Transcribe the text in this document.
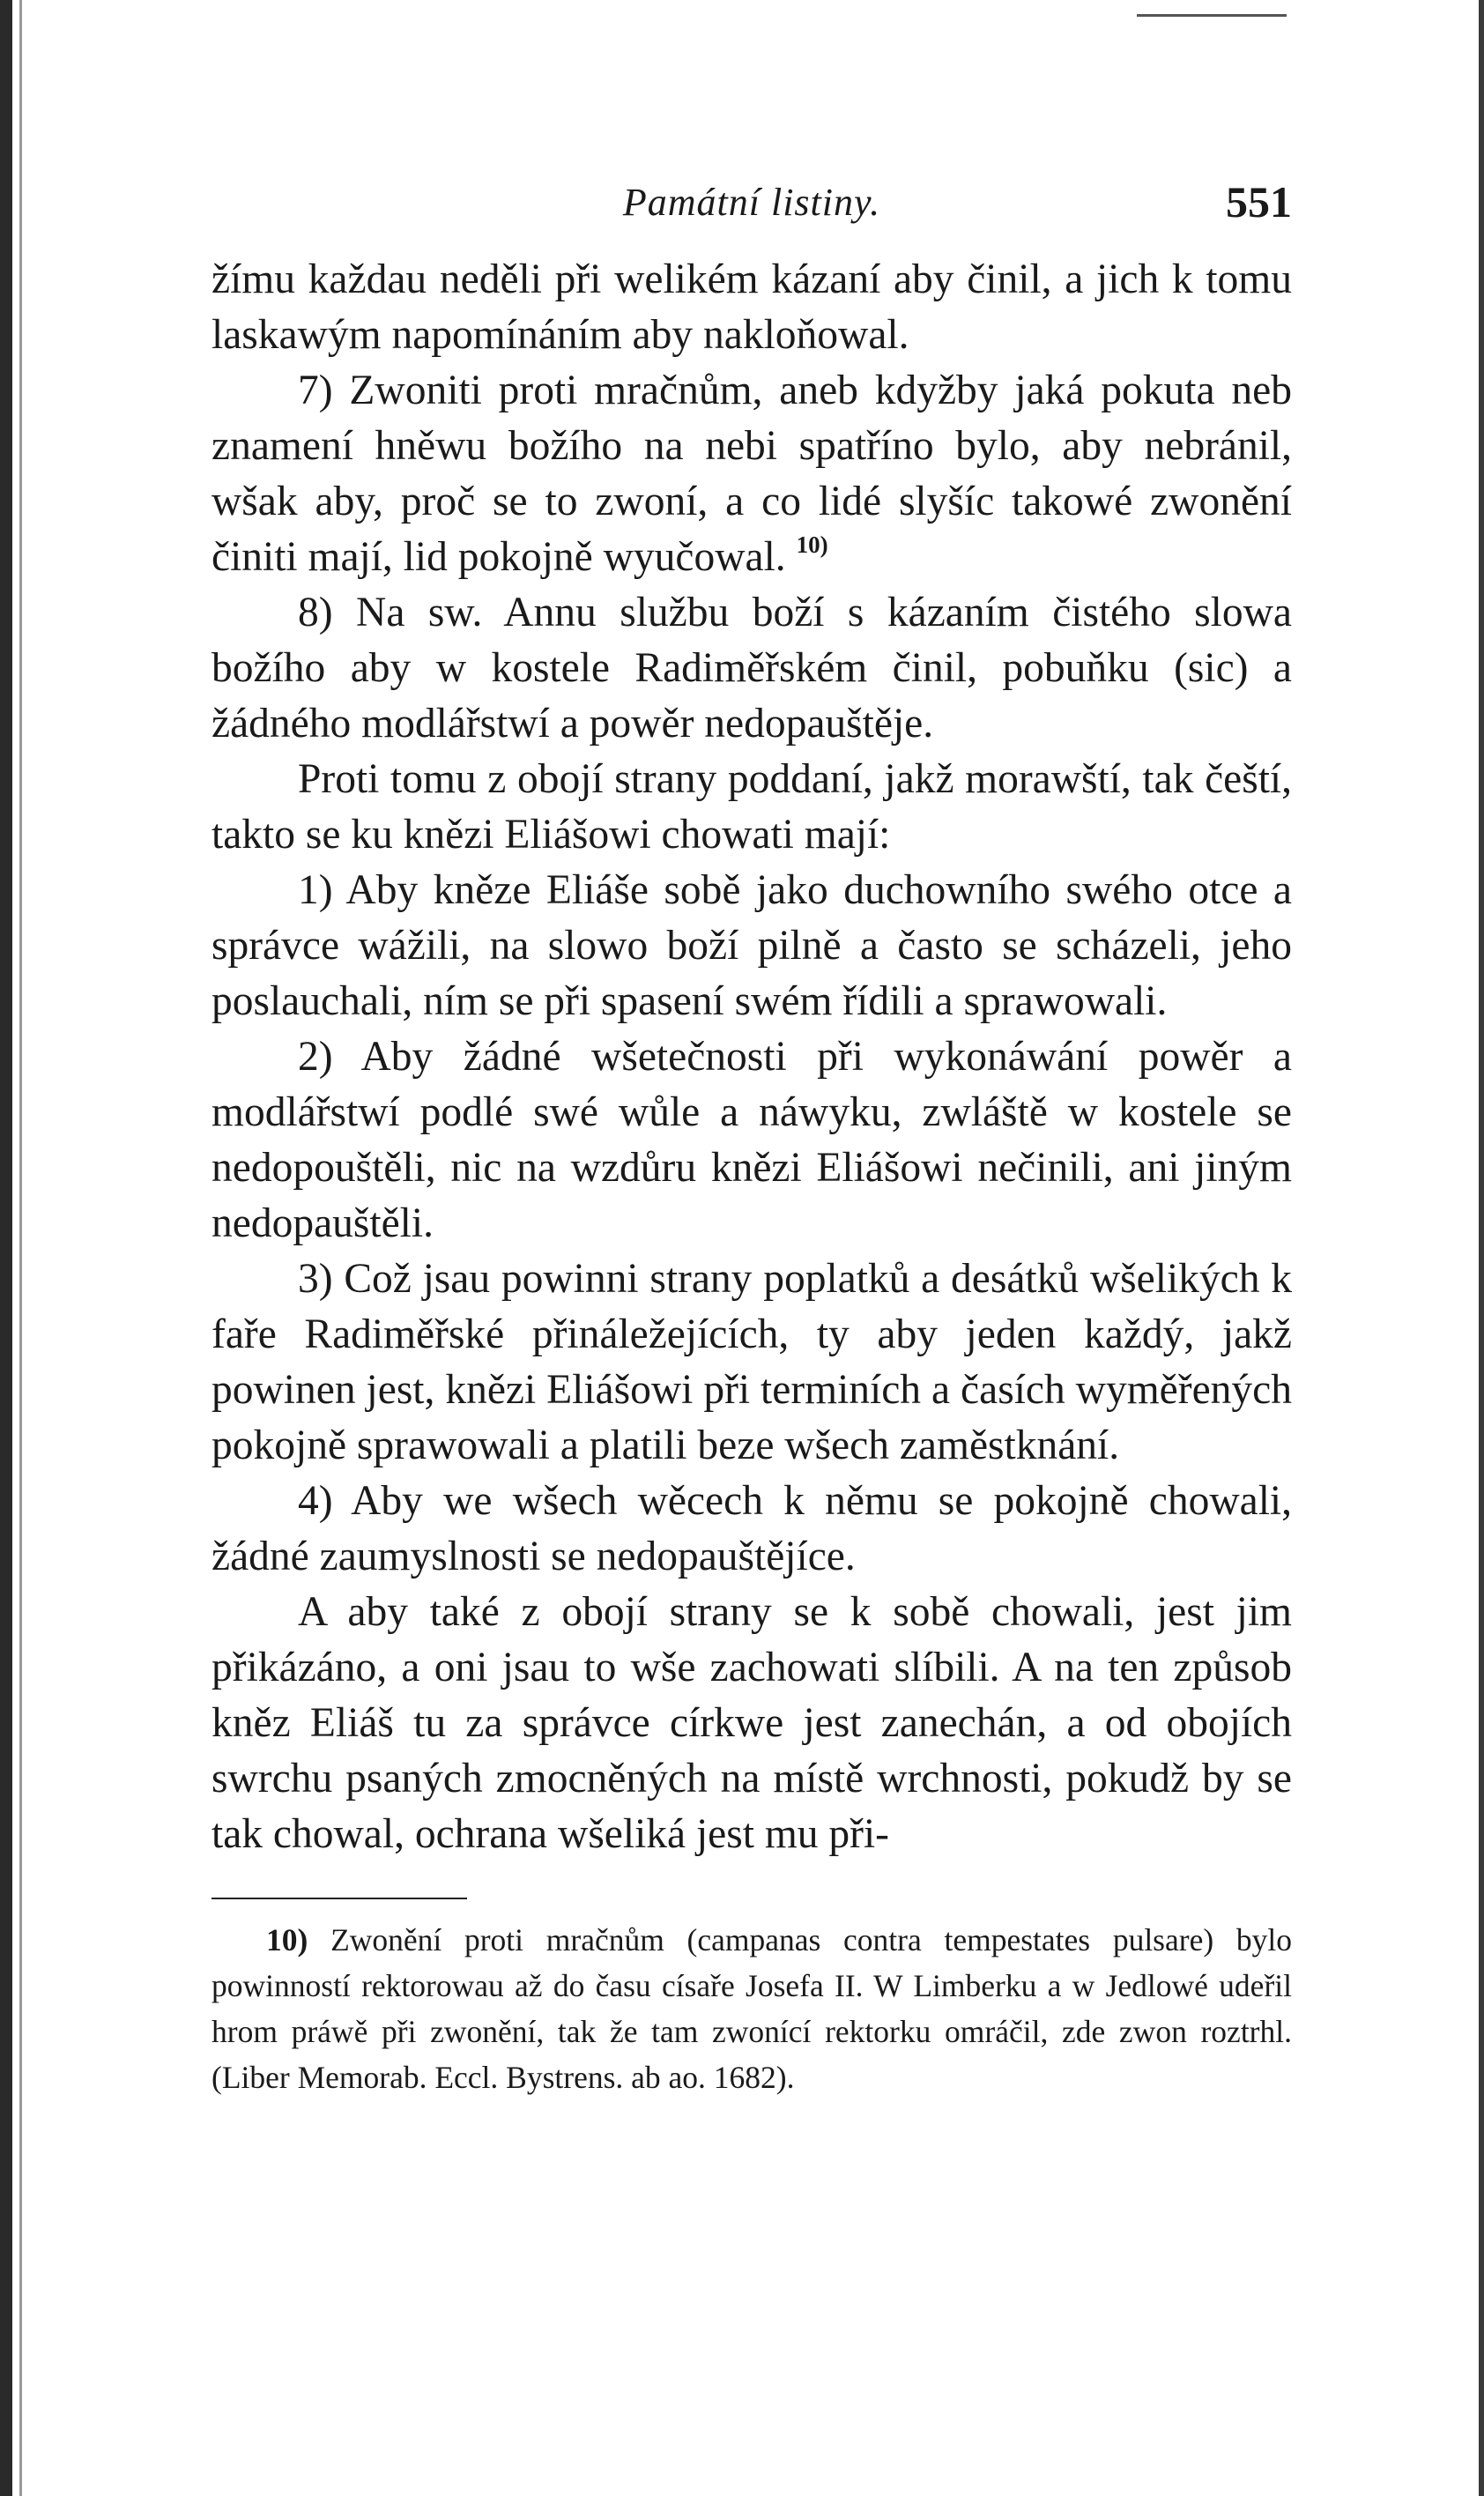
Památní listiny.	551

žímu každau neděli při welikém kázaní aby činil, a jich k tomu laskawým napomínáním aby nakloňowal.

7) Zwoniti proti mračnům, aneb kdyžby jaká pokuta neb znamení hněwu božího na nebi spatříno bylo, aby nebránil, wšak aby, proč se to zwoní, a co lidé slyšíc takowé zwonění činiti mají, lid pokojně wyučowal. $^{10)}$

8) Na sw. Annu službu boží s kázaním čistého slowa božího aby w kostele Radiměřském činil, pobuňku (sic) a žádného modlářstwí a powěr nedopauštěje.

Proti tomu z obojí strany poddaní, jakž morawští, tak čeští, takto se ku knězi Eliášowi chowati mají:

1) Aby kněze Eliáše sobě jako duchowního swého otce a správce wážili, na slowo boží pilně a často se scházeli, jeho poslauchali, ním se při spasení swém řídili a sprawowali.

2) Aby žádné wšetečnosti při wykonáwání powěr a modlářstwí podlé swé wůle a náwyku, zwláště w kostele se nedopouštěli, nic na wzdůru knězi Eliášowi nečinili, ani jiným nedopauštěli.

3) Což jsau powinni strany poplatků a desátků wšelikých k faře Radiměřské přináležejících, ty aby jeden každý, jakž powinen jest, knězi Eliášowi při terminích a časích wyměřených pokojně sprawowali a platili beze wšech zaměstknání.

4) Aby we wšech wěcech k němu se pokojně chowali, žádné zaumyslnosti se nedopauštějíce.

A aby také z obojí strany se k sobě chowali, jest jim přikázáno, a oni jsau to wše zachowati slíbili. A na ten způsob kněz Eliáš tu za správce církwe jest zanechán, a od obojích swrchu psaných zmocněných na místě wrchnosti, pokudž by se tak chowal, ochrana wšeliká jest mu při-

10) Zwonění proti mračnům (campanas contra tempestates pulsare) bylo powinností rektorowau až do času císaře Josefa II. W Limberku a w Jedlowé udeřil hrom práwě při zwonění, tak že tam zwonící rektorku omráčil, zde zwon roztrhl. (Liber Memorab. Eccl. Bystrens. ab ao. 1682).
